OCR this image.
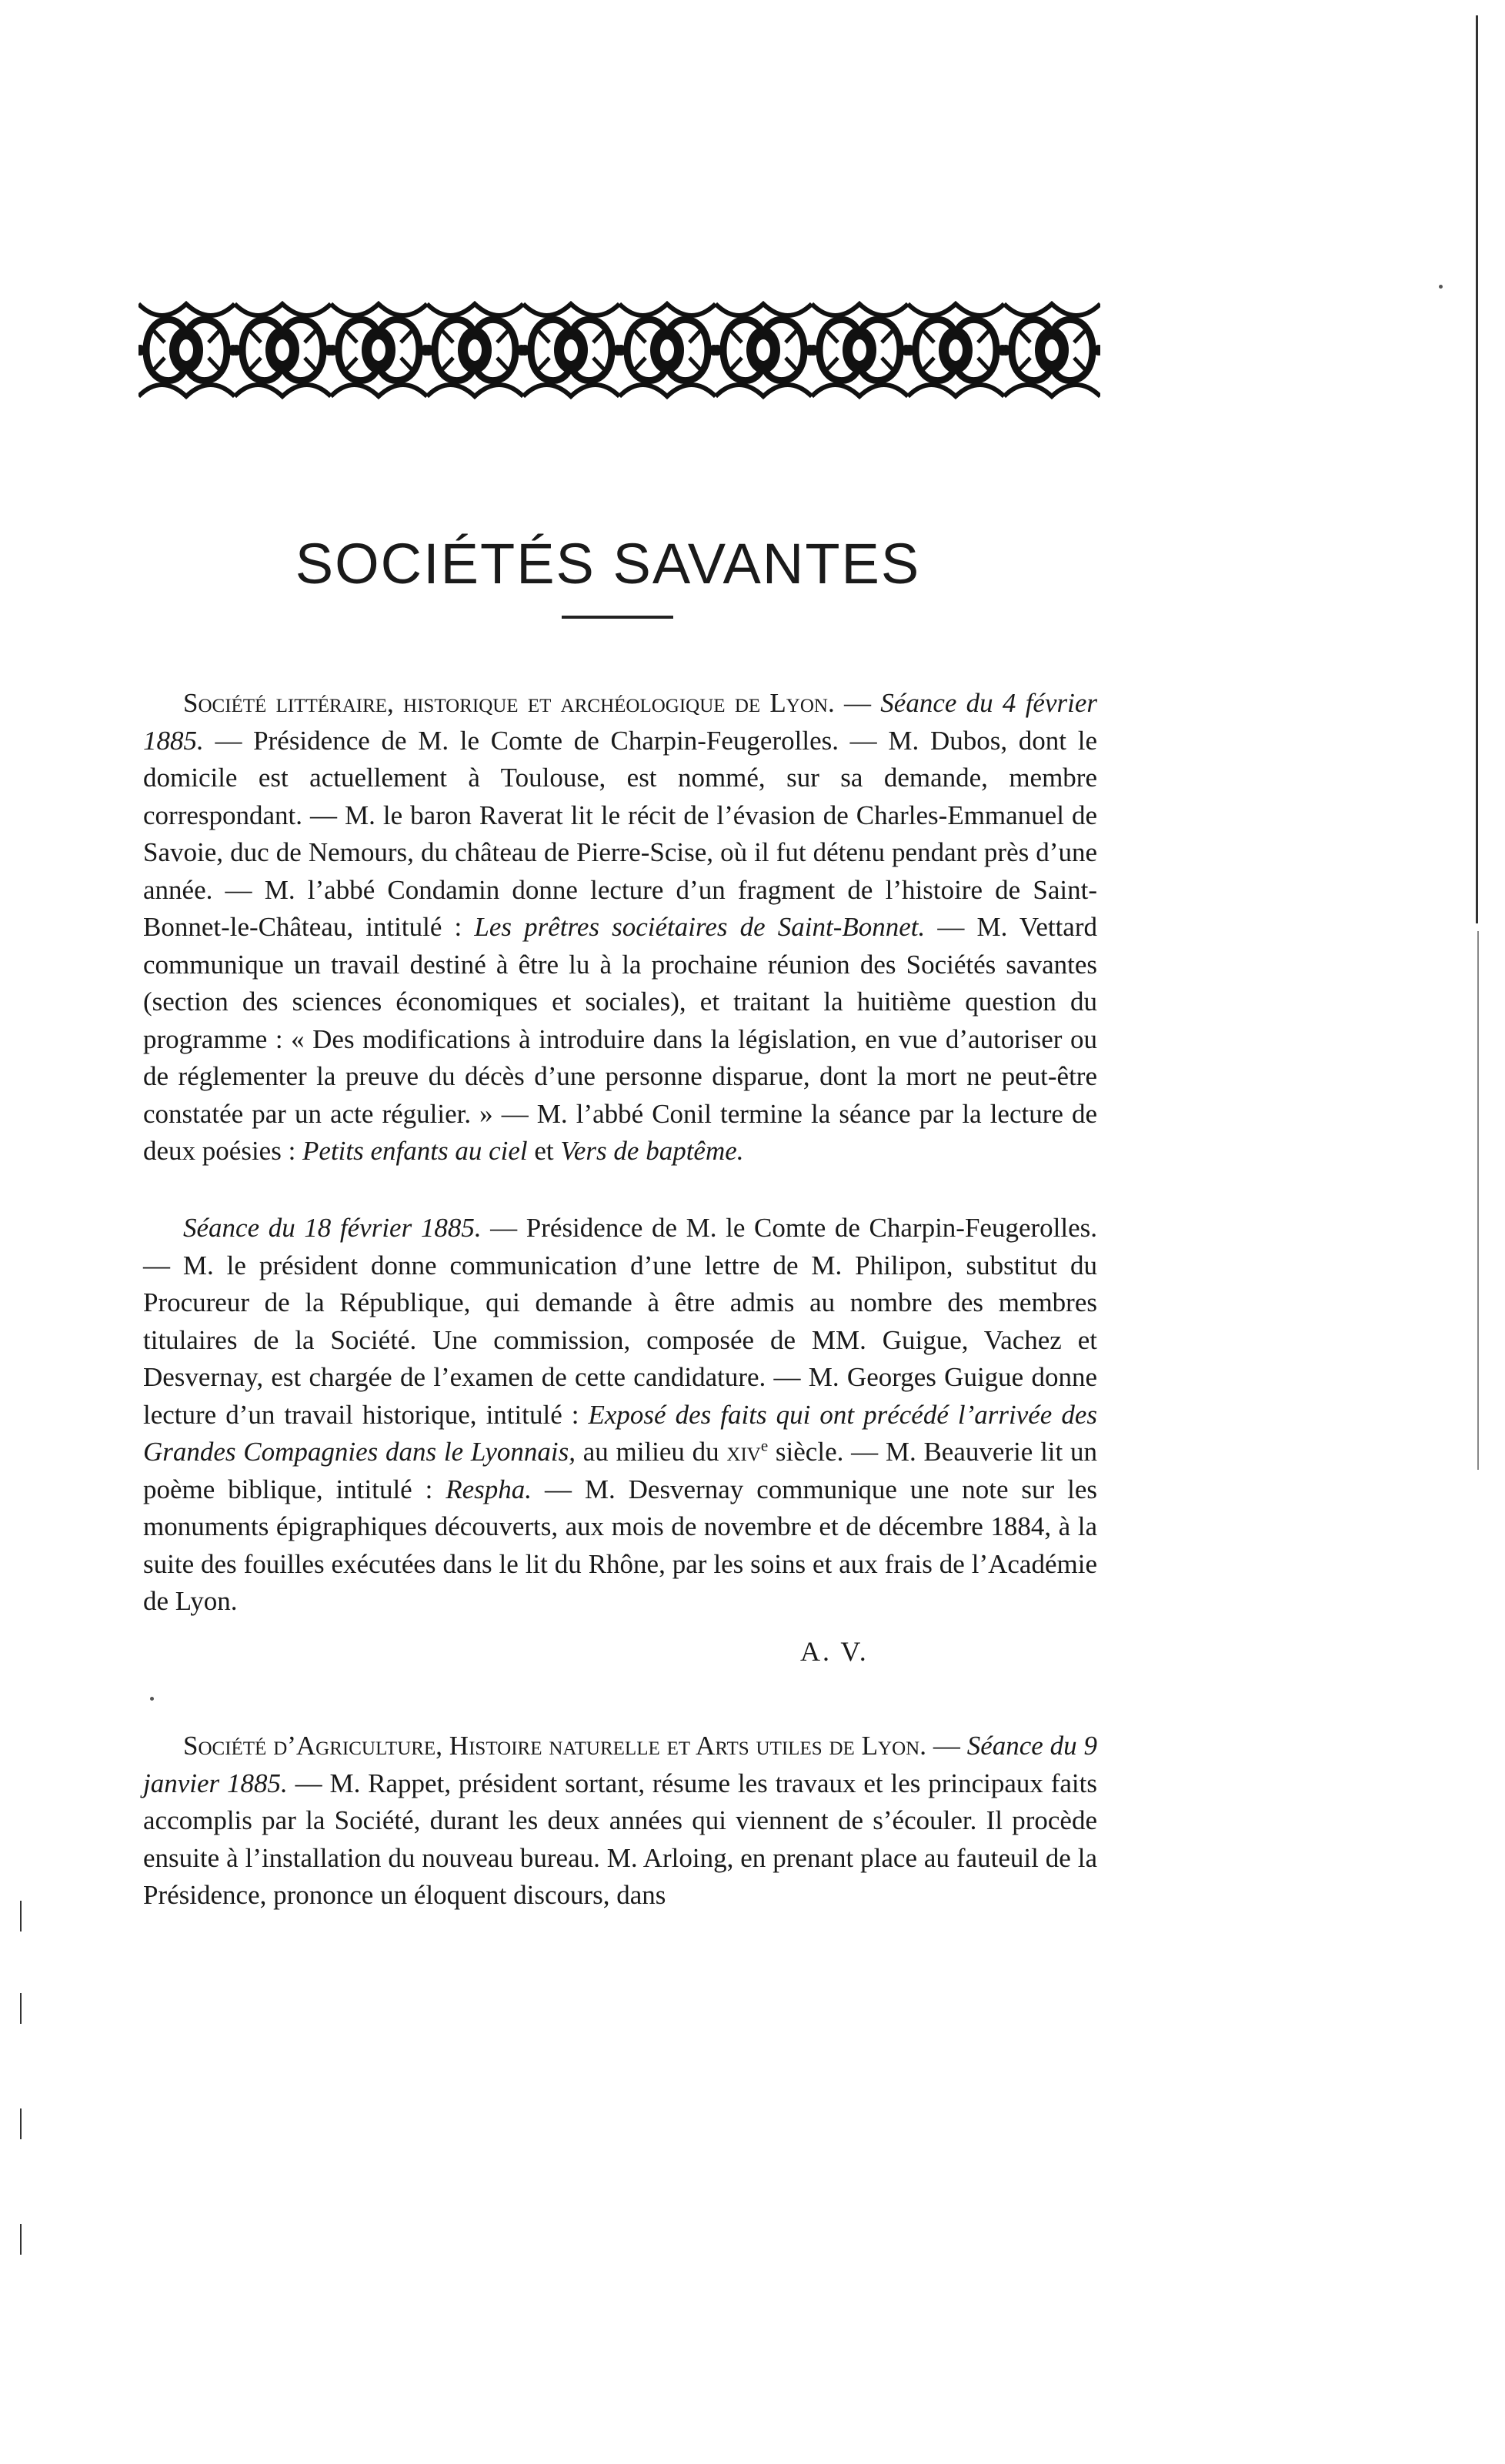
SOCIÉTÉS SAVANTES

Société littéraire, historique et archéologique de Lyon. — Séance du 4 février 1885. — Présidence de M. le Comte de Charpin-Feugerolles. — M. Dubos, dont le domicile est actuellement à Toulouse, est nommé, sur sa demande, membre correspondant. — M. le baron Raverat lit le récit de l’évasion de Charles-Emmanuel de Savoie, duc de Nemours, du château de Pierre-Scise, où il fut détenu pendant près d’une année. — M. l’abbé Condamin donne lecture d’un fragment de l’histoire de Saint-Bonnet-le-Château, intitulé : Les prêtres sociétaires de Saint-Bonnet. — M. Vettard communique un travail destiné à être lu à la prochaine réunion des Sociétés savantes (section des sciences économiques et sociales), et traitant la huitième question du programme : « Des modifications à introduire dans la législation, en vue d’autoriser ou de réglementer la preuve du décès d’une personne disparue, dont la mort ne peut-être constatée par un acte régulier. » — M. l’abbé Conil termine la séance par la lecture de deux poésies : Petits enfants au ciel et Vers de baptême.

Séance du 18 février 1885. — Présidence de M. le Comte de Charpin-Feugerolles. — M. le président donne communication d’une lettre de M. Philipon, substitut du Procureur de la République, qui demande à être admis au nombre des membres titulaires de la Société. Une commission, composée de MM. Guigue, Vachez et Desvernay, est chargée de l’examen de cette candidature. — M. Georges Guigue donne lecture d’un travail historique, intitulé : Exposé des faits qui ont précédé l’arrivée des Grandes Compagnies dans le Lyonnais, au milieu du xiv$^e$ siècle. — M. Beauverie lit un poème biblique, intitulé : Respha. — M. Desvernay communique une note sur les monuments épigraphiques découverts, aux mois de novembre et de décembre 1884, à la suite des fouilles exécutées dans le lit du Rhône, par les soins et aux frais de l’Académie de Lyon.

A. V.

Société d’Agriculture, Histoire naturelle et Arts utiles de Lyon. — Séance du 9 janvier 1885. — M. Rappet, président sortant, résume les travaux et les principaux faits accomplis par la Société, durant les deux années qui viennent de s’écouler. Il procède ensuite à l’installation du nouveau bureau. M. Arloing, en prenant place au fauteuil de la Présidence, prononce un éloquent discours, dans
